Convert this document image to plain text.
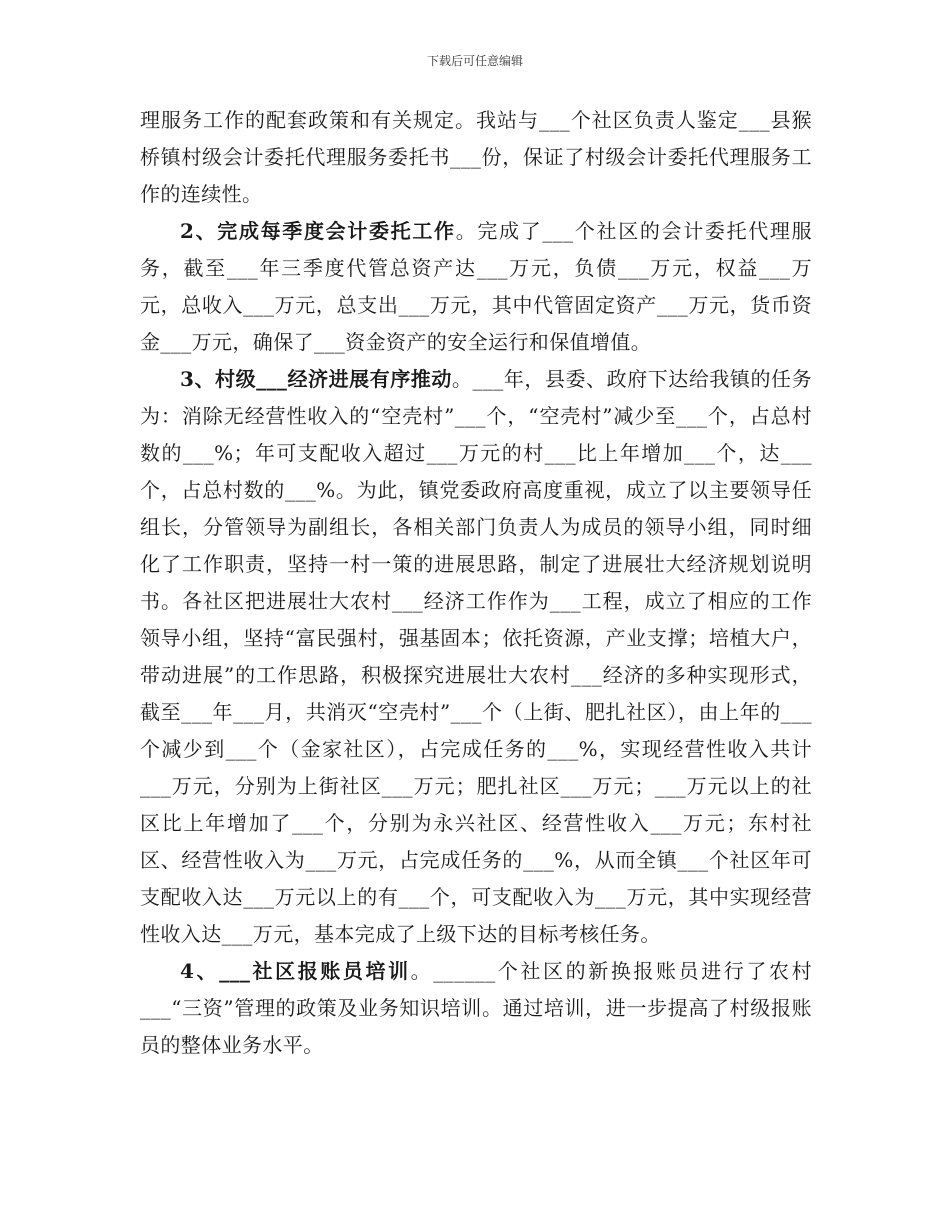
下载后可任意编辑

理服务工作的配套政策和有关规定。我站与___个社区负责人鉴定___县猴桥镇村级会计委托代理服务委托书___份，保证了村级会计委托代理服务工作的连续性。

2、完成每季度会计委托工作。完成了___个社区的会计委托代理服务，截至___年三季度代管总资产达___万元，负债___万元，权益___万元，总收入___万元，总支出___万元，其中代管固定资产___万元，货币资金___万元，确保了___资金资产的安全运行和保值增值。

3、村级___经济进展有序推动。___年，县委、政府下达给我镇的任务为：消除无经营性收入的“空壳村”___个，“空壳村”减少至___个，占总村数的___%；年可支配收入超过___万元的村___比上年增加___个，达___个，占总村数的___%。为此，镇党委政府高度重视，成立了以主要领导任组长，分管领导为副组长，各相关部门负责人为成员的领导小组，同时细化了工作职责，坚持一村一策的进展思路，制定了进展壮大经济规划说明书。各社区把进展壮大农村___经济工作作为___工程，成立了相应的工作领导小组，坚持“富民强村，强基固本；依托资源，产业支撑；培植大户，带动进展”的工作思路，积极探究进展壮大农村___经济的多种实现形式，截至___年___月，共消灭“空壳村”___个（上街、肥扎社区），由上年的___个减少到___个（金家社区），占完成任务的___%，实现经营性收入共计___万元，分别为上街社区___万元；肥扎社区___万元；___万元以上的社区比上年增加了___个，分别为永兴社区、经营性收入___万元；东村社区、经营性收入为___万元，占完成任务的___%，从而全镇___个社区年可支配收入达___万元以上的有___个，可支配收入为___万元，其中实现经营性收入达___万元，基本完成了上级下达的目标考核任务。

4、___社区报账员培训。______个社区的新换报账员进行了农村___“三资”管理的政策及业务知识培训。通过培训，进一步提高了村级报账员的整体业务水平。
